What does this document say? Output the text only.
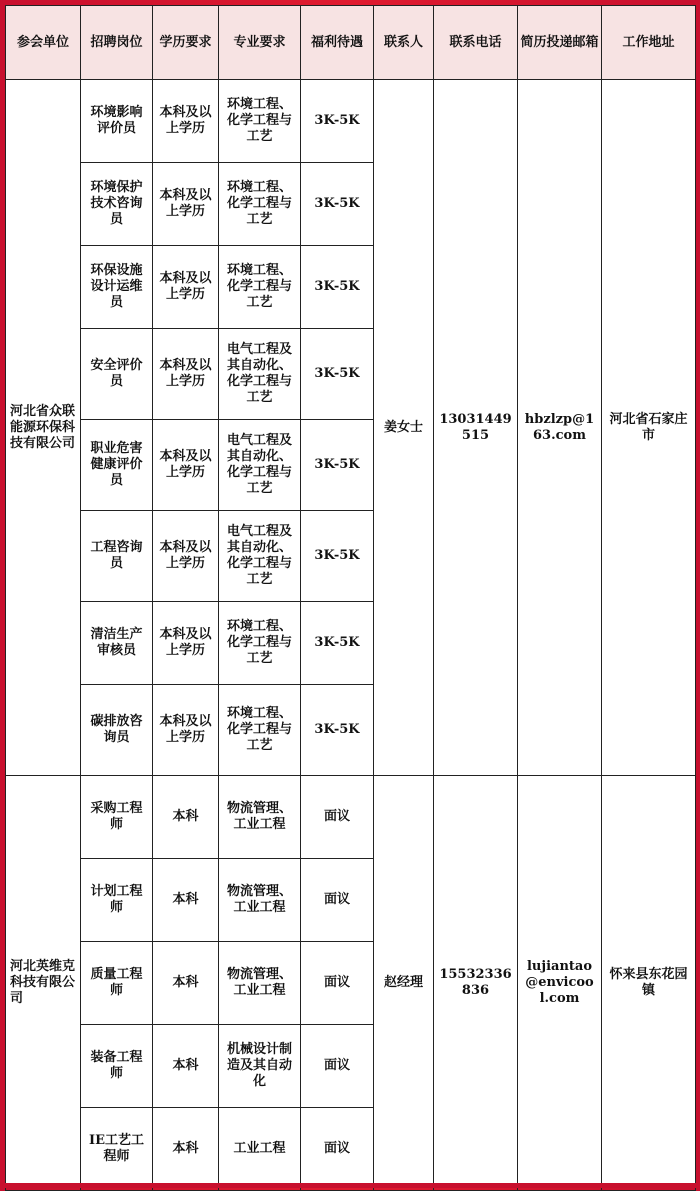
参会单位	招聘岗位	学历要求	专业要求	福利待遇	联系人	联系电话	简历投递邮箱	工作地址
河北省众联能源环保科技有限公司	环境影响评价员	本科及以上学历	环境工程、化学工程与工艺	3K-5K	姜女士	13031449515	hbzlzp@163.com	河北省石家庄市
	环境保护技术咨询员	本科及以上学历	环境工程、化学工程与工艺	3K-5K				
	环保设施设计运维员	本科及以上学历	环境工程、化学工程与工艺	3K-5K				
	安全评价员	本科及以上学历	电气工程及其自动化、化学工程与工艺	3K-5K				
	职业危害健康评价员	本科及以上学历	电气工程及其自动化、化学工程与工艺	3K-5K				
	工程咨询员	本科及以上学历	电气工程及其自动化、化学工程与工艺	3K-5K				
	清洁生产审核员	本科及以上学历	环境工程、化学工程与工艺	3K-5K				
	碳排放咨询员	本科及以上学历	环境工程、化学工程与工艺	3K-5K				
河北英维克科技有限公司	采购工程师	本科	物流管理、工业工程	面议	赵经理	15532336836	lujiantao@envicool.com	怀来县东花园镇
	计划工程师	本科	物流管理、工业工程	面议				
	质量工程师	本科	物流管理、工业工程	面议				
	装备工程师	本科	机械设计制造及其自动化	面议				
	IE工艺工程师	本科	工业工程	面议				
